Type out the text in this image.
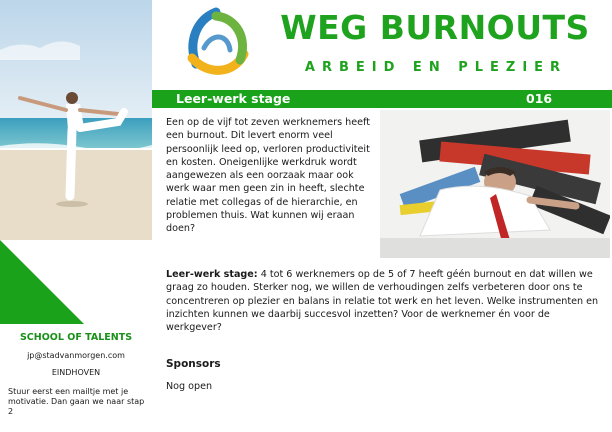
SCHOOL OF TALENTS
jp@stadvanmorgen.com
EINDHOVEN
Stuur eerst een mailtje met je motivatie. Dan gaan we naar stap 2
WEG BURNOUTS
ARBEID EN PLEZIER
Leer-werk stage	016
Een op de vijf tot zeven werknemers heeft een burnout. Dit levert enorm veel persoonlijk leed op, verloren productiviteit en kosten. Oneigenlijke werkdruk wordt aangewezen als een oorzaak maar ook werk waar men geen zin in heeft, slechte relatie met collegas of de hierarchie, en problemen thuis. Wat kunnen wij eraan doen?
Leer-werk stage: 4 tot 6 werknemers op de 5 of 7 heeft géén burnout en dat willen we graag zo houden. Sterker nog, we willen de verhoudingen zelfs verbeteren door ons te concentreren op plezier en balans in relatie tot werk en het leven. Welke instrumenten en inzichten kunnen we daarbij succesvol inzetten? Voor de werknemer én voor de werkgever?
Sponsors
Nog open
